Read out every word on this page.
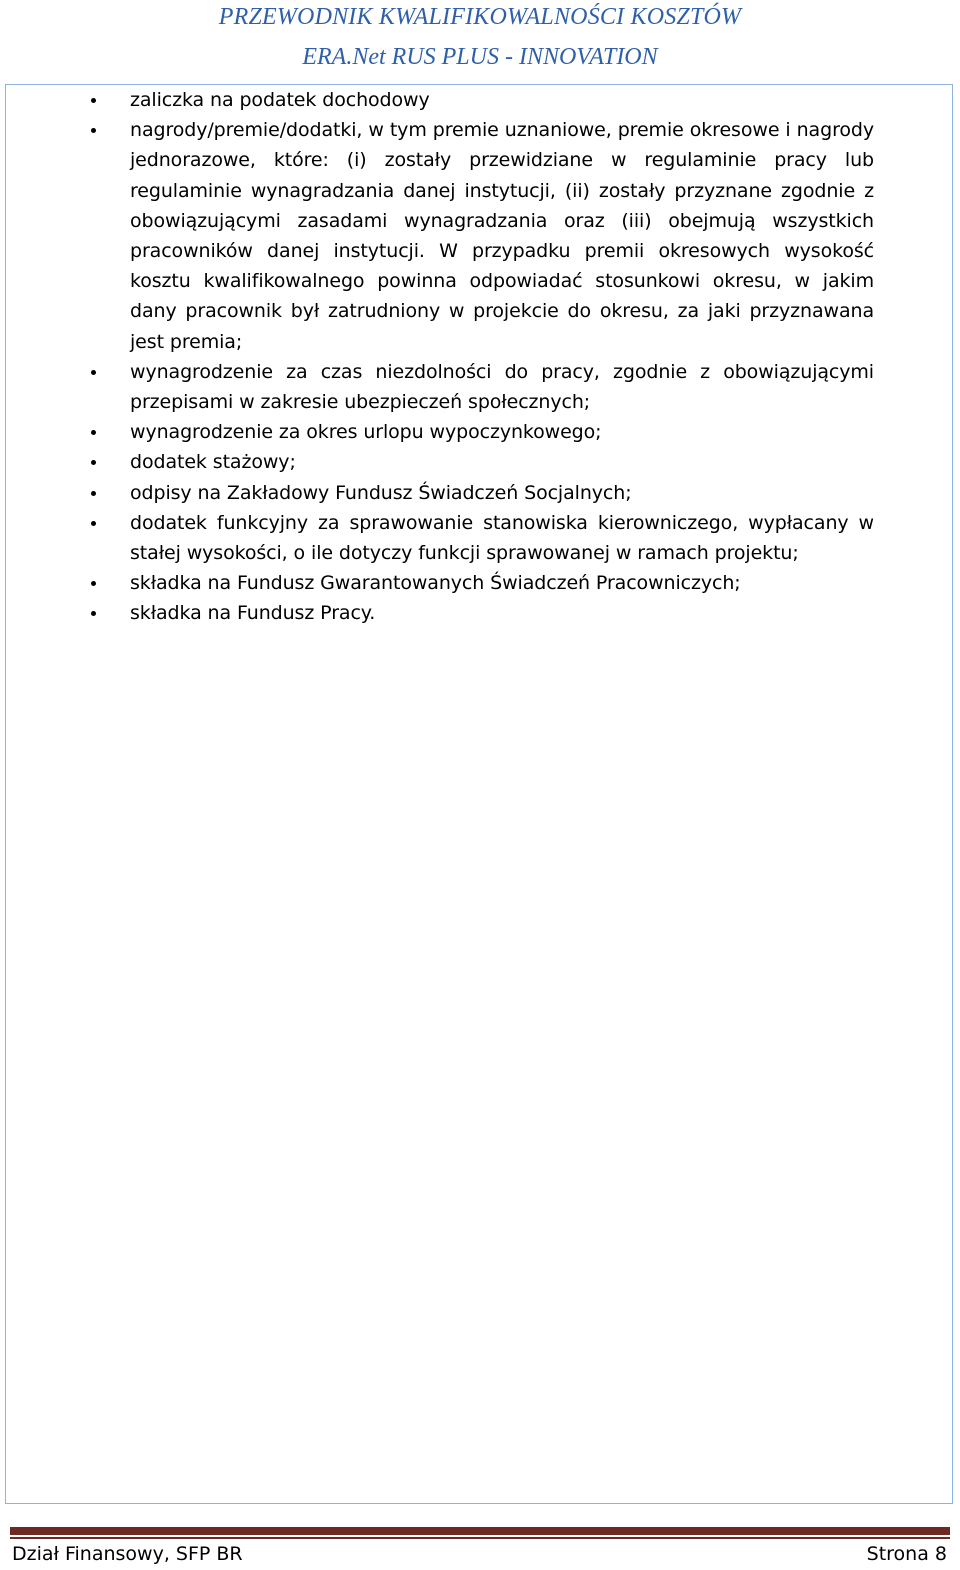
PRZEWODNIK KWALIFIKOWALNOŚCI KOSZTÓW
ERA.Net RUS PLUS - INNOVATION
zaliczka na podatek dochodowy
nagrody/premie/dodatki, w tym premie uznaniowe, premie okresowe i nagrody jednorazowe, które: (i) zostały przewidziane w regulaminie pracy lub regulaminie wynagradzania danej instytucji, (ii) zostały przyznane zgodnie z obowiązującymi zasadami wynagradzania oraz (iii) obejmują wszystkich pracowników danej instytucji. W przypadku premii okresowych wysokość kosztu kwalifikowalnego powinna odpowiadać stosunkowi okresu, w jakim dany pracownik był zatrudniony w projekcie do okresu, za jaki przyznawana jest premia;
wynagrodzenie za czas niezdolności do pracy, zgodnie z obowiązującymi przepisami w zakresie ubezpieczeń społecznych;
wynagrodzenie za okres urlopu wypoczynkowego;
dodatek stażowy;
odpisy na Zakładowy Fundusz Świadczeń Socjalnych;
dodatek funkcyjny za sprawowanie stanowiska kierowniczego, wypłacany w stałej wysokości, o ile dotyczy funkcji sprawowanej w ramach projektu;
składka na Fundusz Gwarantowanych Świadczeń Pracowniczych;
składka na Fundusz Pracy.
Dział Finansowy, SFP BR	Strona 8
